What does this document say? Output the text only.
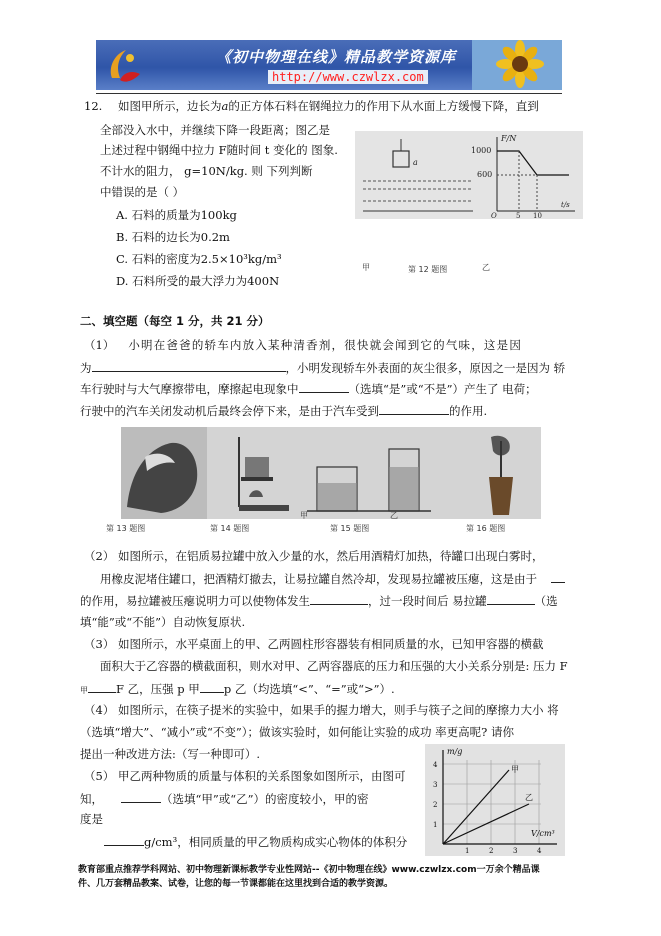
《初中物理在线》精品教学资源库
http://www.czwlzx.com
12. 如图甲所示，边长为a的正方体石料在钢绳拉力的作用下从水面上方缓慢下降，直到
全部没入水中，并继续下降一段距离；图乙是
上述过程中钢绳中拉力 F随时间 t 变化的 图象.
不计水的阻力， g=10N/kg. 则 下列判断
中错误的是（ ）
A. 石料的质量为100kg
B. 石料的边长为0.2m
C. 石料的密度为2.5×10³kg/m³
D. 石料所受的最大浮力为400N
a
F/N
1000
600
5 10
O
t/s
甲	第 12 题图	乙
二、填空题（每空 1 分，共 21 分）
（1） 小明在爸爸的轿车内放入某种清香剂，很快就会闻到它的气味，这是因
为	，小明发现轿车外表面的灰尘很多，原因之一是因为 轿
车行驶时与大气摩擦带电，摩擦起电现象中	（选填“是”或“不是”）产生了 电荷；
行驶中的汽车关闭发动机后最终会停下来，是由于汽车受到	的作用.
甲	乙
第 13 题图	第 14 题图	第 15 题图	第 16 题图
（2） 如图所示，在铝质易拉罐中放入少量的水，然后用酒精灯加热，待罐口出现白雾时，
用橡皮泥堵住罐口，把酒精灯撤去，让易拉罐自然冷却，发现易拉罐被压瘪，这是由于
的作用，易拉罐被压瘪说明力可以使物体发生	，过一段时间后 易拉罐	（选
填“能”或“不能”）自动恢复原状.
（3） 如图所示，水平桌面上的甲、乙两圆柱形容器装有相同质量的水，已知甲容器的横截
面积大于乙容器的横截面积，则水对甲、乙两容器底的压力和压强的大小关系分别是: 压力 F
甲 F 乙，压强 p 甲 p 乙（均选填“<”、“=”或“>”）.
（4） 如图所示，在筷子提米的实验中，如果手的握力增大，则手与筷子之间的摩擦力大小 将
（选填“增大”、“减小”或“不变”）；做该实验时，如何能让实验的成功 率更高呢? 请你
提出一种改进方法:（写一种即可）.
（5） 甲乙两种物质的质量与体积的关系图象如图所示，由图可
知，	（选填“甲”或“乙”）的密度较小，甲的密
度是
g/cm³，相同质量的甲乙物质构成实心物体的体积分
m/g
4
3
2
1
1	2	3	4
V/cm³
甲
乙
教育部重点推荐学科网站、初中物理新课标教学专业性网站--《初中物理在线》www.czwlzx.com一万余个精品课
件、几万套精品教案、试卷，让您的每一节课都能在这里找到合适的教学资源。
